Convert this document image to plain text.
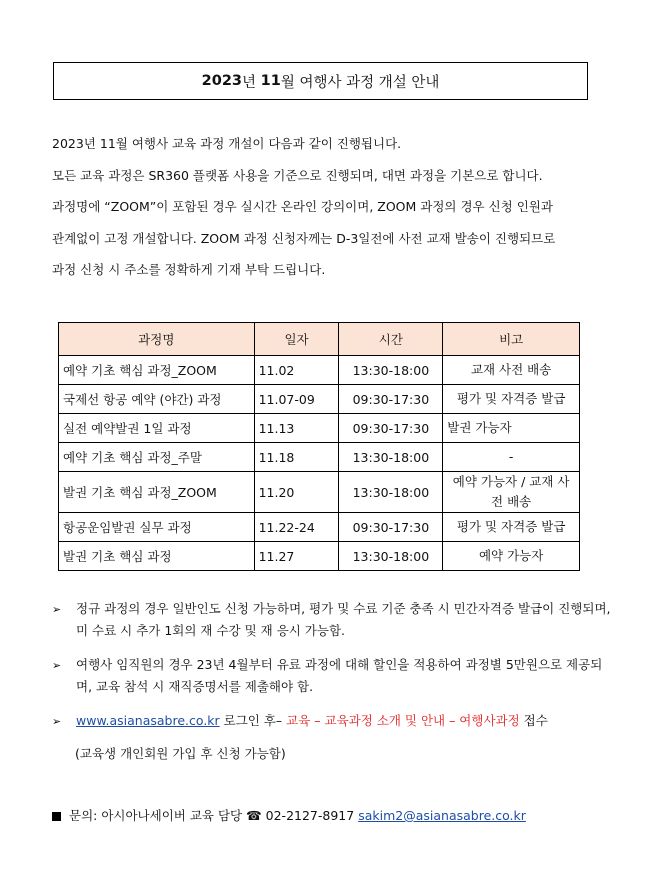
2023 년
11 월
여행사 과정 개설 안내

2023년 11월 여행사 교육 과정 개설이 다음과 같이 진행됩니다.

모든 교육 과정은 SR360 플랫폼 사용을 기준으로 진행되며, 대면 과정을 기본으로 합니다.

과정명에 “ZOOM”이 포함된 경우 실시간 온라인 강의이며, ZOOM 과정의 경우 신청 인원과

관계없이 고정 개설합니다. ZOOM 과정 신청자께는 D-3일전에 사전 교재 발송이 진행되므로

과정 신청 시 주소를 정확하게 기재 부탁 드립니다.

과정명	일자	시간	비고
예약 기초 핵심 과정_ZOOM	11.02	13:30-18:00	교재 사전 배송
국제선 항공 예약 (야간) 과정	11.07-09	09:30-17:30	평가 및 자격증 발급
실전 예약발권 1일 과정	11.13	09:30-17:30	발권 가능자
예약 기초 핵심 과정_주말	11.18	13:30-18:00	-
발권 기초 핵심 과정_ZOOM	11.20	13:30-18:00	예약 가능자 / 교재 사전 배송
항공운임발권 실무 과정	11.22-24	09:30-17:30	평가 및 자격증 발급
발권 기초 핵심 과정	11.27	13:30-18:00	예약 가능자
➢	정규 과정의 경우 일반인도 신청 가능하며, 평가 및 수료 기준 충족 시 민간자격증 발급이 진행되며, 미 수료 시 추가 1회의 재 수강 및 재 응시 가능함.
➢	여행사 임직원의 경우 23년 4월부터 유료 과정에 대해 할인을 적용하여 과정별 5만원으로 제공되며, 교육 참석 시 재직증명서를 제출해야 함.
➢	www.asianasabre.co.kr 로그인 후– 교육 – 교육과정 소개 및 안내 – 여행사과정 접수
(교육생 개인회원 가입 후 신청 가능함)
문의: 아시아나세이버 교육 담당 ☎ 02-2127-8917 sakim2@asianasabre.co.kr
